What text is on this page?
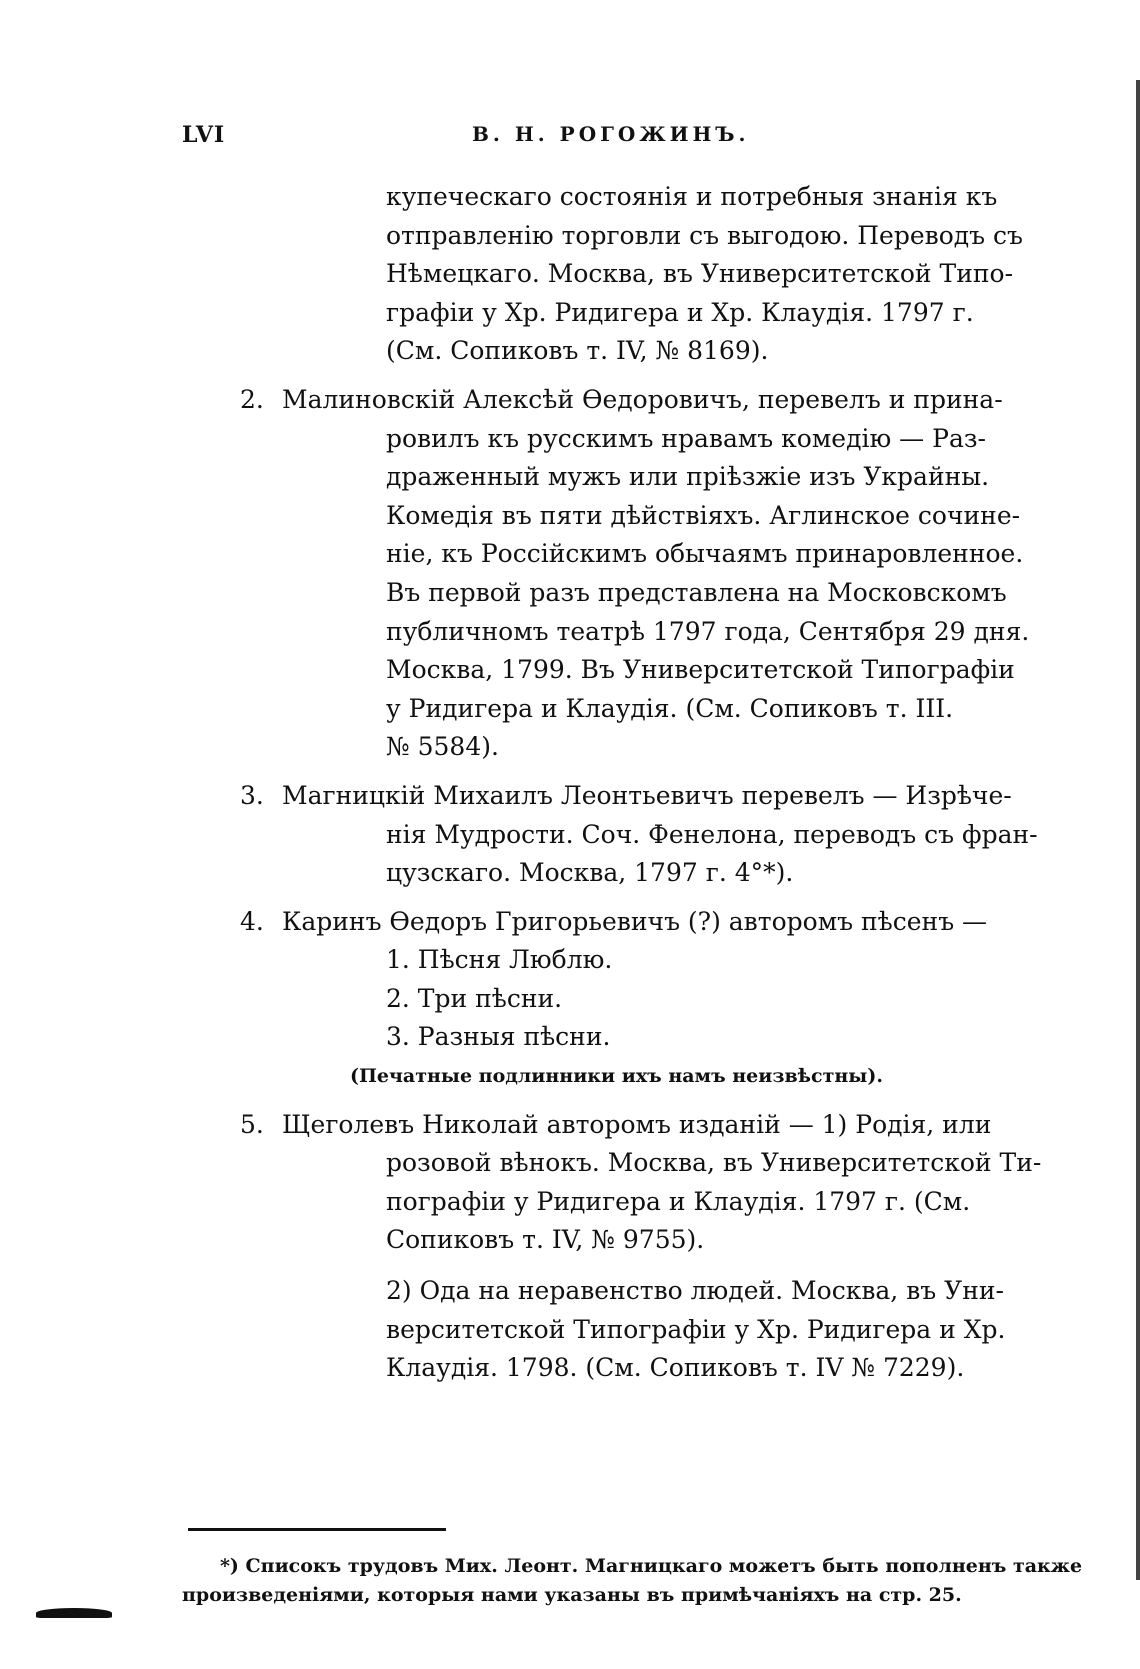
LVI	В. Н. РОГОЖИНЪ.
купеческаго состоянія и потребныя знанія къ
отправленію торговли съ выгодою. Переводъ съ
Нѣмецкаго. Москва, въ Университетской Типо-
графіи у Хр. Ридигера и Хр. Клаудія. 1797 г.
(См. Сопиковъ т. IV, № 8169).
2. Малиновскій Алексѣй Ѳедоровичъ, перевелъ и прина-
ровилъ къ русскимъ нравамъ комедію — Раз-
драженный мужъ или пріѣзжіе изъ Украйны.
Комедія въ пяти дѣйствіяхъ. Аглинское сочине-
ніе, къ Россійскимъ обычаямъ принаровленное.
Въ первой разъ представлена на Московскомъ
публичномъ театрѣ 1797 года, Сентября 29 дня.
Москва, 1799. Въ Университетской Типографіи
у Ридигера и Клаудія. (См. Сопиковъ т. III.
№ 5584).
3. Магницкій Михаилъ Леонтьевичъ перевелъ — Изрѣче-
нія Мудрости. Соч. Фенелона, переводъ съ фран-
цузскаго. Москва, 1797 г. 4°*).
4. Каринъ Ѳедоръ Григорьевичъ (?) авторомъ пѣсенъ —
1. Пѣсня Люблю.
2. Три пѣсни.
3. Разныя пѣсни.
(Печатные подлинники ихъ намъ неизвѣстны).
5. Щеголевъ Николай авторомъ изданій — 1) Родія, или
розовой вѣнокъ. Москва, въ Университетской Ти-
пографіи у Ридигера и Клаудія. 1797 г. (См.
Сопиковъ т. IV, № 9755).
2) Ода на неравенство людей. Москва, въ Уни-
верситетской Типографіи у Хр. Ридигера и Хр.
Клаудія. 1798. (См. Сопиковъ т. IV № 7229).
*) Списокъ трудовъ Мих. Леонт. Магницкаго можетъ быть пополненъ также
произведеніями, которыя нами указаны въ примѣчаніяхъ на стр. 25.
